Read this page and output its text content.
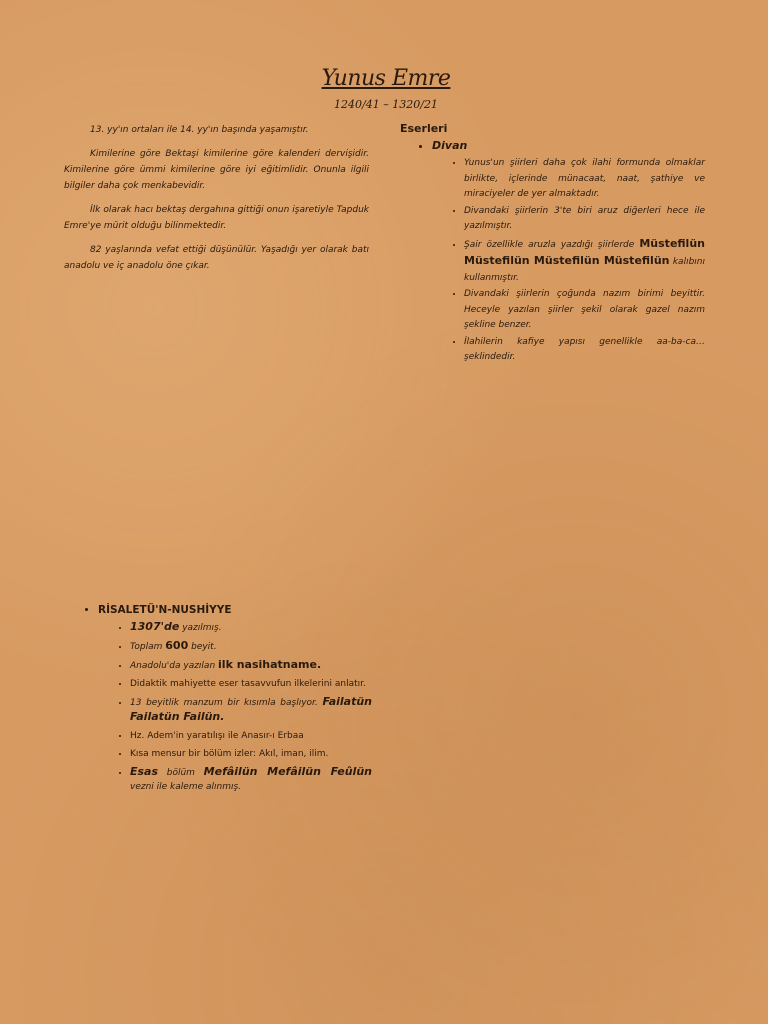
Yunus Emre
1240/41 – 1320/21

13. yy'ın ortaları ile 14. yy'ın başında yaşamıştır.

Kimilerine göre Bektaşi kimilerine göre kalenderi dervişidir. Kimilerine göre ümmi kimilerine göre iyi eğitimlidir. Onunla ilgili bilgiler daha çok menkabevidir.

İlk olarak hacı bektaş dergahına gittiği onun işaretiyle Tapduk Emre'ye mürit olduğu bilinmektedir.

82 yaşlarında vefat ettiği düşünülür. Yaşadığı yer olarak batı anadolu ve iç anadolu öne çıkar.

Eserleri
• Divan
• Yunus'un şiirleri daha çok ilahi formunda olmaklar birlikte, içlerinde münacaat, naat, şathiye ve miraciyeler de yer almaktadır.
• Divandaki şiirlerin 3'te biri aruz diğerleri hece ile yazılmıştır.
• Şair özellikle aruzla yazdığı şiirlerde Müstefilün Müstefilün Müstefilün Müstefilün kalıbını kullanmıştır.
• Divandaki şiirlerin çoğunda nazım birimi beyittir. Heceyle yazılan şiirler şekil olarak gazel nazım şekline benzer.
• İlahilerin kafiye yapısı genellikle aa-ba-ca… şeklindedir.
• RİSALETÜ'N-NUSHİYYE
• 1307'de yazılmış.
• Toplam 600 beyit.
• Anadolu'da yazılan ilk nasihatname.
• Didaktik mahiyette eser tasavvufun ilkelerini anlatır.
• 13 beyitlik manzum bir kısımla başlıyor. Failatün Failatün Failün.
• Hz. Adem'in yaratılışı ile Anasır-ı Erbaa
• Kısa mensur bir bölüm izler: Akıl, iman, ilim.
• Esas bölüm Mefâilün Mefâilün Feûlün vezni ile kaleme alınmış.
